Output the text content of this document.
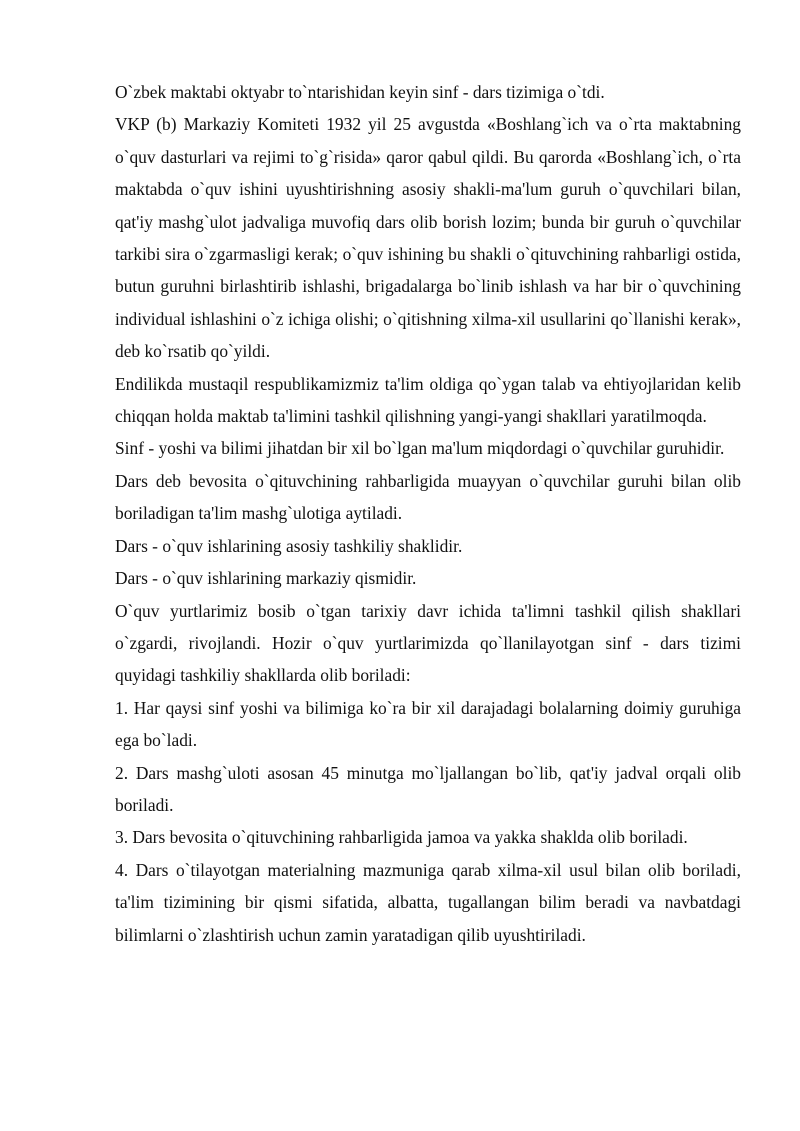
O`zbek maktabi oktyabr to`ntarishidan keyin sinf - dars tizimiga o`tdi.

VKP (b) Markaziy Komiteti 1932 yil 25 avgustda «Boshlang`ich va o`rta maktabning o`quv dasturlari va rejimi to`g`risida» qaror qabul qildi. Bu qarorda «Boshlang`ich, o`rta maktabda o`quv ishini uyushtirishning asosiy shakli-ma'lum guruh o`quvchilari bilan, qat'iy mashg`ulot jadvaliga muvofiq dars olib borish lozim; bunda bir guruh o`quvchilar tarkibi sira o`zgarmasligi kerak; o`quv ishining bu shakli o`qituvchining rahbarligi ostida, butun guruhni birlashtirib ishlashi, brigadalarga bo`linib ishlash va har bir o`quvchining individual ishlashini o`z ichiga olishi; o`qitishning xilma-xil usullarini qo`llanishi kerak», deb ko`rsatib qo`yildi.

Endilikda mustaqil respublikamizmiz ta'lim oldiga qo`ygan talab va ehtiyojlaridan kelib chiqqan holda maktab ta'limini tashkil qilishning yangi-yangi shakllari yaratilmoqda.

Sinf - yoshi va bilimi jihatdan bir xil bo`lgan ma'lum miqdordagi o`quvchilar guruhidir.

Dars deb bevosita o`qituvchining rahbarligida muayyan o`quvchilar guruhi bilan olib boriladigan ta'lim mashg`ulotiga aytiladi.

Dars - o`quv ishlarining asosiy tashkiliy shaklidir.

Dars - o`quv ishlarining markaziy qismidir.

O`quv yurtlarimiz bosib o`tgan tarixiy davr ichida ta'limni tashkil qilish shakllari o`zgardi, rivojlandi. Hozir o`quv yurtlarimizda qo`llanilayotgan sinf - dars tizimi quyidagi tashkiliy shakllarda olib boriladi:

1. Har qaysi sinf yoshi va bilimiga ko`ra bir xil darajadagi bolalarning doimiy guruhiga ega bo`ladi.

2. Dars mashg`uloti asosan 45 minutga mo`ljallangan bo`lib, qat'iy jadval orqali olib boriladi.

3. Dars bevosita o`qituvchining rahbarligida jamoa va yakka shaklda olib boriladi.

4. Dars o`tilayotgan materialning mazmuniga qarab xilma-xil usul bilan olib boriladi, ta'lim tizimining bir qismi sifatida, albatta, tugallangan bilim beradi va navbatdagi bilimlarni o`zlashtirish uchun zamin yaratadigan qilib uyushtiriladi.
